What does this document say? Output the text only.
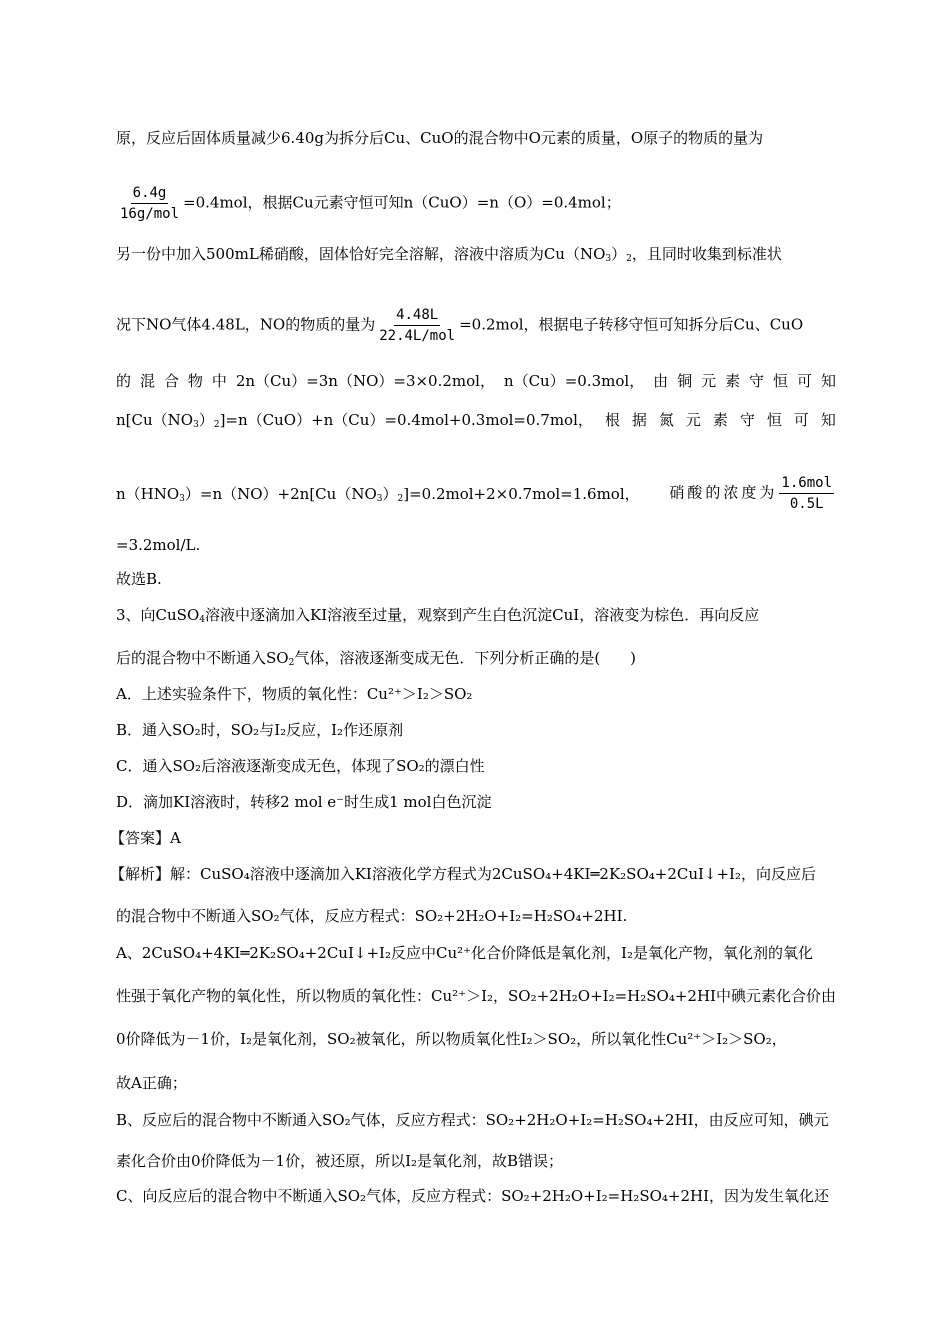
原，反应后固体质量减少6.40g为拆分后Cu、CuO的混合物中O元素的质量，O原子的物质的量为
$\frac{6.4g}{\text{16g/mol}} =0.4mol$，根据Cu元素守恒可知n（CuO）=n（O）=0.4mol；
另一份中加入500mL稀硝酸，固体恰好完全溶解，溶液中溶质为$Cu(NO_3)_2$，且同时收集到标准状
况下NO气体4.48L，NO的物质的量为 $\frac{4.48L}{\text{22.4L/mol}} =0.2mol$，根据电子转移守恒可知拆分后Cu、CuO
的 混 合 物 中 2n（Cu）=3n（NO）=3×0.2mol， n（Cu）=0.3mol， 由 铜 元 素 守 恒 可 知
$n[Cu(NO_3)_2]=n(CuO)+n(Cu)=0.4mol+0.3mol=0.7mol$， 根 据 氮 元 素 守 恒 可 知
$n(HNO_3)=n(NO)+2n[Cu(NO_3)_2]=0.2mol+2\times 0.7mol=1.6mol$， 硝酸的浓度为 $\frac{\text{1.6mol}}{0.5L}$
=3.2mol/L.
故选B.
3、向CuSO$_4$溶液中逐滴加入KI溶液至过量，观察到产生白色沉淀CuI，溶液变为棕色．再向反应
后的混合物中不断通入$SO_2$气体，溶液逐渐变成无色．下列分析正确的是(　　)
A．上述实验条件下，物质的氧化性：Cu²⁺＞I₂＞SO₂
B．通入SO₂时，SO₂与I₂反应，I₂作还原剂
C．通入SO₂后溶液逐渐变成无色，体现了SO₂的漂白性
D．滴加KI溶液时，转移2 mol e⁻时生成1 mol白色沉淀
【答案】A
【解析】解：CuSO₄溶液中逐滴加入KI溶液化学方程式为2CuSO₄+4KI═2K₂SO₄+2CuI↓+I₂，向反应后
的混合物中不断通入SO₂气体，反应方程式：SO₂+2H₂O+I₂=H₂SO₄+2HI.
A、2CuSO₄+4KI═2K₂SO₄+2CuI↓+I₂反应中Cu²⁺化合价降低是氧化剂，I₂是氧化产物，氧化剂的氧化
性强于氧化产物的氧化性，所以物质的氧化性：Cu²⁺＞I₂，SO₂+2H₂O+I₂=H₂SO₄+2HI中碘元素化合价由
0价降低为－1价，I₂是氧化剂，SO₂被氧化，所以物质氧化性I₂＞SO₂，所以氧化性Cu²⁺＞I₂＞SO₂，
故A正确；
B、反应后的混合物中不断通入SO₂气体，反应方程式：SO₂+2H₂O+I₂=H₂SO₄+2HI，由反应可知，碘元
素化合价由0价降低为－1价，被还原，所以I₂是氧化剂，故B错误；
C、向反应后的混合物中不断通入SO₂气体，反应方程式：SO₂+2H₂O+I₂=H₂SO₄+2HI，因为发生氧化还
